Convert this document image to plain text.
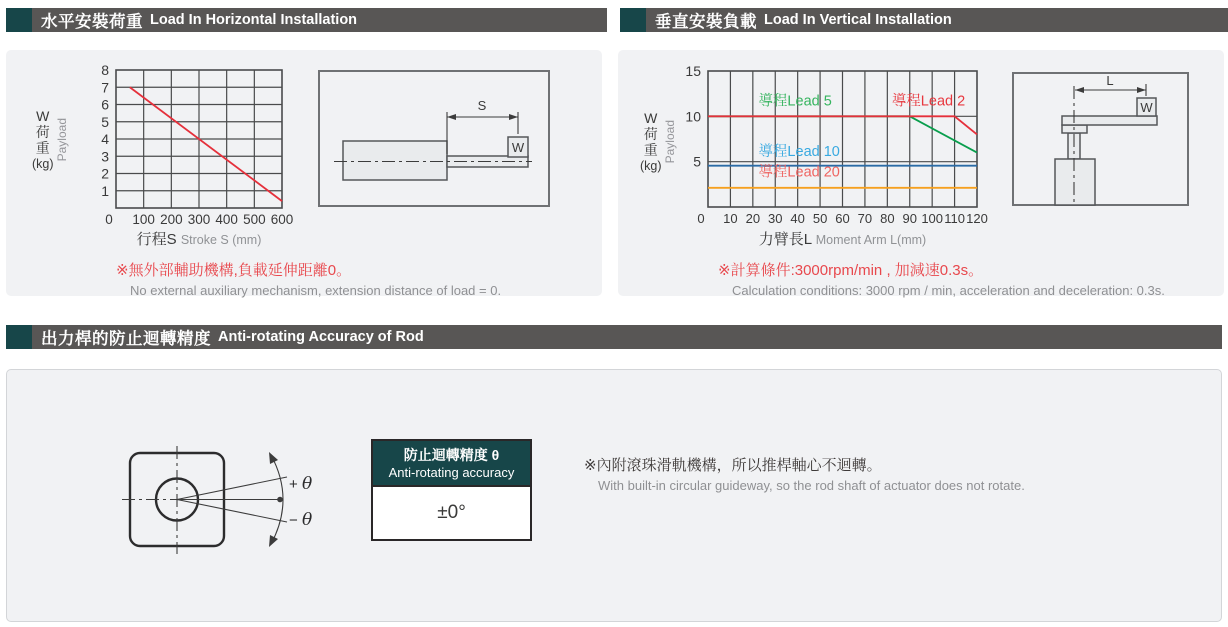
水平安裝荷重 Load In Horizontal Installation	垂直安裝負載 Load In Vertical Installation
出力桿的防止迴轉精度 Anti-rotating Accuracy of Rod
W
荷
重
(kg)
Payload
0 100 200 300 400 500 600
1
2
3
4
5
6
7
8
行程S Stroke S (mm)
W
S
※無外部輔助機構,負載延伸距離0。
No external auxiliary mechanism, extension distance of load = 0.
W
荷
重
(kg)
Payload
導程Lead 5	導程Lead 2
導程Lead 10
導程Lead 20
0 10 20 30 40 50 60 70 80 90 100 110 120
5
10
15
力臂長L Moment Arm L(mm)
W
L
※計算條件:3000rpm/min , 加減速0.3s。
Calculation conditions: 3000 rpm / min, acceleration and deceleration: 0.3s.
+ θ
− θ
防止迴轉精度 θ
Anti-rotating accuracy
±0°
※內附滾珠滑軌機構，所以推桿軸心不迴轉。
With built-in circular guideway, so the rod shaft of actuator does not rotate.
